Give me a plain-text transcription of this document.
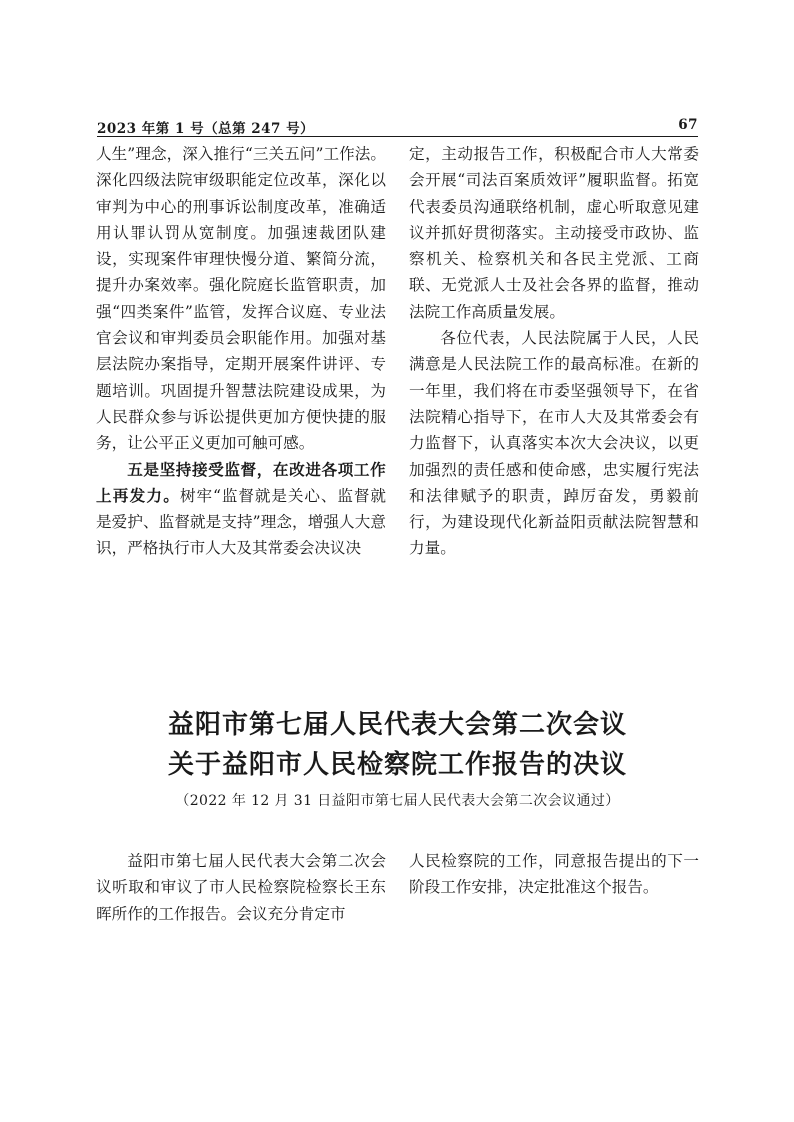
2023 年第 1 号（总第 247 号）	67

人生”理念，深入推行“三关五问”工作法。深化四级法院审级职能定位改革，深化以审判为中心的刑事诉讼制度改革，准确适用认罪认罚从宽制度。加强速裁团队建设，实现案件审理快慢分道、繁简分流，提升办案效率。强化院庭长监管职责，加强“四类案件”监管，发挥合议庭、专业法官会议和审判委员会职能作用。加强对基层法院办案指导，定期开展案件讲评、专题培训。巩固提升智慧法院建设成果，为人民群众参与诉讼提供更加方便快捷的服务，让公平正义更加可触可感。

五是坚持接受监督，在改进各项工作上再发力。树牢“监督就是关心、监督就是爱护、监督就是支持”理念，增强人大意识，严格执行市人大及其常委会决议决

定，主动报告工作，积极配合市人大常委会开展“司法百案质效评”履职监督。拓宽代表委员沟通联络机制，虚心听取意见建议并抓好贯彻落实。主动接受市政协、监察机关、检察机关和各民主党派、工商联、无党派人士及社会各界的监督，推动法院工作高质量发展。

各位代表，人民法院属于人民，人民满意是人民法院工作的最高标准。在新的一年里，我们将在市委坚强领导下，在省法院精心指导下，在市人大及其常委会有力监督下，认真落实本次大会决议，以更加强烈的责任感和使命感，忠实履行宪法和法律赋予的职责，踔厉奋发，勇毅前行，为建设现代化新益阳贡献法院智慧和力量。

益阳市第七届人民代表大会第二次会议
关于益阳市人民检察院工作报告的决议
（2022 年 12 月 31 日益阳市第七届人民代表大会第二次会议通过）

益阳市第七届人民代表大会第二次会议听取和审议了市人民检察院检察长王东晖所作的工作报告。会议充分肯定市

人民检察院的工作，同意报告提出的下一阶段工作安排，决定批准这个报告。
